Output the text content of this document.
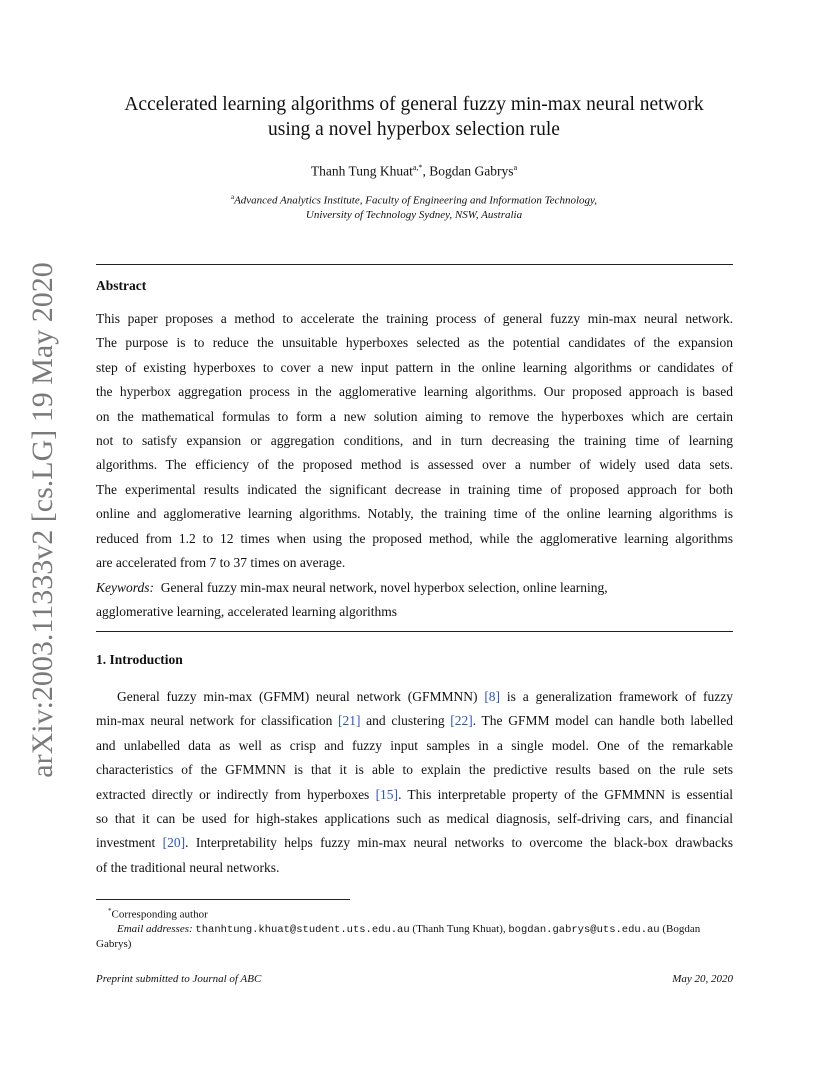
arXiv:2003.11333v2 [cs.LG] 19 May 2020
Accelerated learning algorithms of general fuzzy min-max neural network
using a novel hyperbox selection rule
Thanh Tung Khuat$^{a,*}$, Bogdan Gabrys$^a$
$^a$Advanced Analytics Institute, Faculty of Engineering and Information Technology,
University of Technology Sydney, NSW, Australia
Abstract
This paper proposes a method to accelerate the training process of general fuzzy min-max neural network.
The purpose is to reduce the unsuitable hyperboxes selected as the potential candidates of the expansion
step of existing hyperboxes to cover a new input pattern in the online learning algorithms or candidates of
the hyperbox aggregation process in the agglomerative learning algorithms. Our proposed approach is based
on the mathematical formulas to form a new solution aiming to remove the hyperboxes which are certain
not to satisfy expansion or aggregation conditions, and in turn decreasing the training time of learning
algorithms. The efficiency of the proposed method is assessed over a number of widely used data sets.
The experimental results indicated the significant decrease in training time of proposed approach for both
online and agglomerative learning algorithms. Notably, the training time of the online learning algorithms is
reduced from 1.2 to 12 times when using the proposed method, while the agglomerative learning algorithms
are accelerated from 7 to 37 times on average.
Keywords: General fuzzy min-max neural network, novel hyperbox selection, online learning,
agglomerative learning, accelerated learning algorithms
1. Introduction
General fuzzy min-max (GFMM) neural network (GFMMNN) [8] is a generalization framework of fuzzy
min-max neural network for classification [21] and clustering [22]. The GFMM model can handle both labelled
and unlabelled data as well as crisp and fuzzy input samples in a single model. One of the remarkable
characteristics of the GFMMNN is that it is able to explain the predictive results based on the rule sets
extracted directly or indirectly from hyperboxes [15]. This interpretable property of the GFMMNN is essential
so that it can be used for high-stakes applications such as medical diagnosis, self-driving cars, and financial
investment [20]. Interpretability helps fuzzy min-max neural networks to overcome the black-box drawbacks
of the traditional neural networks.
*Corresponding author
Email addresses: thanhtung.khuat@student.uts.edu.au (Thanh Tung Khuat), bogdan.gabrys@uts.edu.au (Bogdan
Gabrys)
Preprint submitted to Journal of ABC	May 20, 2020
